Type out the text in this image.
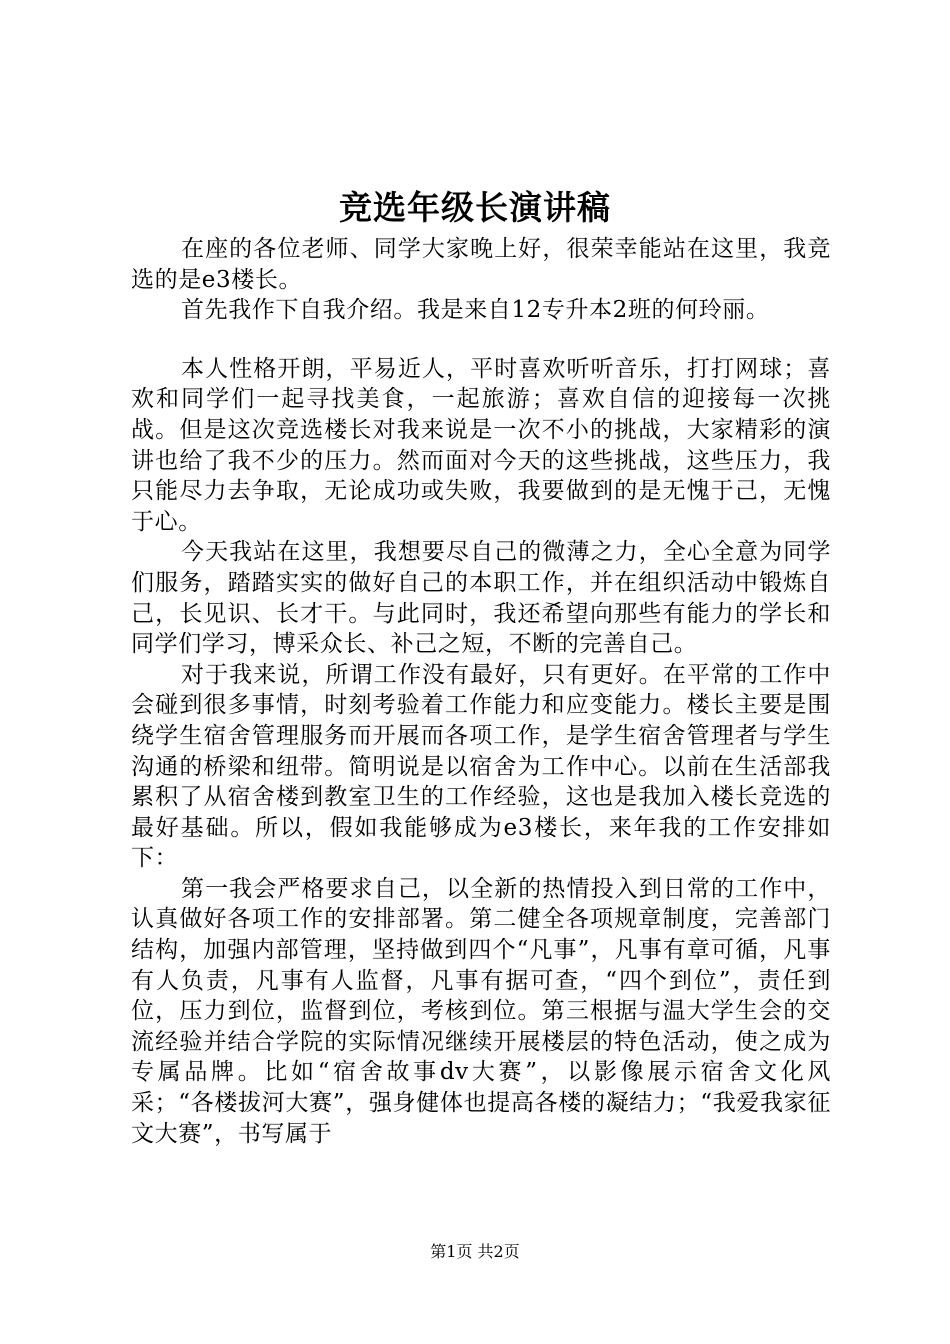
竞选年级长演讲稿

在座的各位老师、同学大家晚上好，很荣幸能站在这里，我竞选的是e3楼长。

首先我作下自我介绍。我是来自12专升本2班的何玲丽。

本人性格开朗，平易近人，平时喜欢听听音乐，打打网球；喜欢和同学们一起寻找美食，一起旅游；喜欢自信的迎接每一次挑战。但是这次竞选楼长对我来说是一次不小的挑战，大家精彩的演讲也给了我不少的压力。然而面对今天的这些挑战，这些压力，我只能尽力去争取，无论成功或失败，我要做到的是无愧于己，无愧于心。

今天我站在这里，我想要尽自己的微薄之力，全心全意为同学们服务，踏踏实实的做好自己的本职工作，并在组织活动中锻炼自己，长见识、长才干。与此同时，我还希望向那些有能力的学长和同学们学习，博采众长、补己之短，不断的完善自己。

对于我来说，所谓工作没有最好，只有更好。在平常的工作中会碰到很多事情，时刻考验着工作能力和应变能力。楼长主要是围绕学生宿舍管理服务而开展而各项工作，是学生宿舍管理者与学生沟通的桥梁和纽带。简明说是以宿舍为工作中心。以前在生活部我累积了从宿舍楼到教室卫生的工作经验，这也是我加入楼长竞选的最好基础。所以，假如我能够成为e3楼长，来年我的工作安排如下：

第一我会严格要求自己，以全新的热情投入到日常的工作中，认真做好各项工作的安排部署。第二健全各项规章制度，完善部门结构，加强内部管理，坚持做到四个“凡事”，凡事有章可循，凡事有人负责，凡事有人监督，凡事有据可查，“四个到位”，责任到位，压力到位，监督到位，考核到位。第三根据与温大学生会的交流经验并结合学院的实际情况继续开展楼层的特色活动，使之成为专属品牌。比如“宿舍故事dv大赛”，以影像展示宿舍文化风采；“各楼拔河大赛”，强身健体也提高各楼的凝结力；“我爱我家征文大赛”，书写属于

第1页 共2页
